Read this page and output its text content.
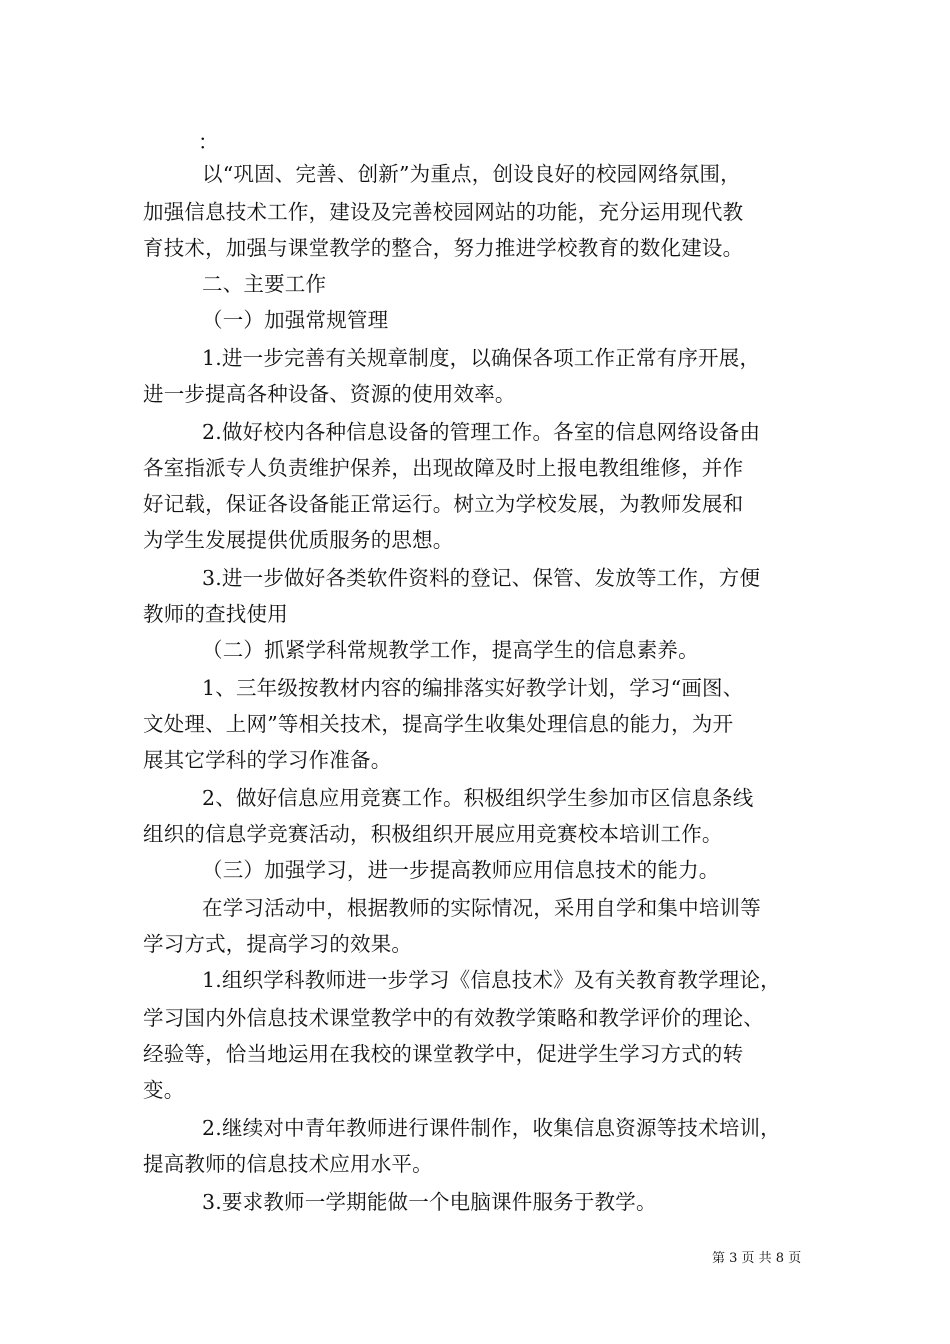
：
以“巩固、完善、创新”为重点，创设良好的校园网络氛围，
加强信息技术工作，建设及完善校园网站的功能，充分运用现代教
育技术，加强与课堂教学的整合，努力推进学校教育的数化建设。
二、主要工作
（一）加强常规管理
1.进一步完善有关规章制度，以确保各项工作正常有序开展，
进一步提高各种设备、资源的使用效率。
2.做好校内各种信息设备的管理工作。各室的信息网络设备由
各室指派专人负责维护保养，出现故障及时上报电教组维修，并作
好记载，保证各设备能正常运行。树立为学校发展，为教师发展和
为学生发展提供优质服务的思想。
3.进一步做好各类软件资料的登记、保管、发放等工作，方便
教师的查找使用
（二）抓紧学科常规教学工作，提高学生的信息素养。
1、三年级按教材内容的编排落实好教学计划，学习“画图、
文处理、上网”等相关技术，提高学生收集处理信息的能力，为开
展其它学科的学习作准备。
2、做好信息应用竞赛工作。积极组织学生参加市区信息条线
组织的信息学竞赛活动，积极组织开展应用竞赛校本培训工作。
（三）加强学习，进一步提高教师应用信息技术的能力。
在学习活动中，根据教师的实际情况，采用自学和集中培训等
学习方式，提高学习的效果。
1.组织学科教师进一步学习《信息技术》及有关教育教学理论，
学习国内外信息技术课堂教学中的有效教学策略和教学评价的理论、
经验等，恰当地运用在我校的课堂教学中，促进学生学习方式的转
变。
2.继续对中青年教师进行课件制作，收集信息资源等技术培训，
提高教师的信息技术应用水平。
3.要求教师一学期能做一个电脑课件服务于教学。
第 3 页 共 8 页
